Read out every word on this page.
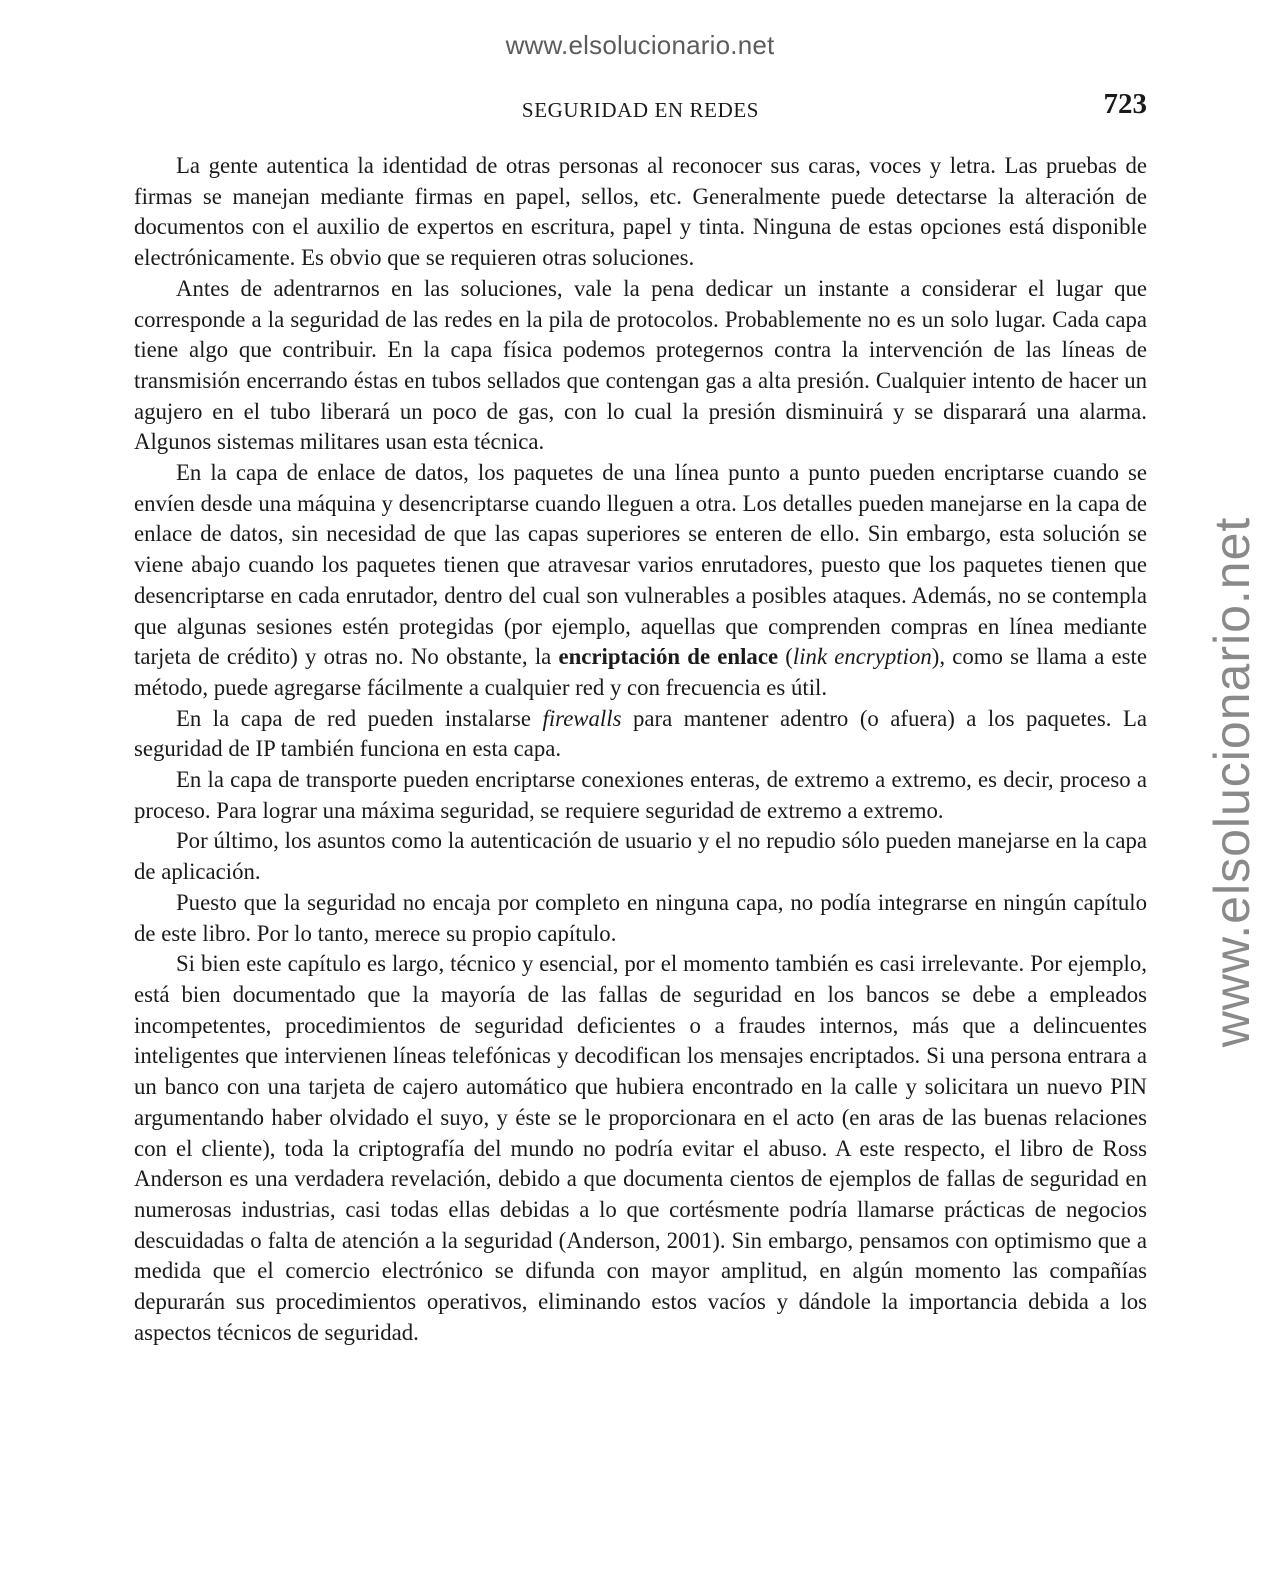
www.elsolucionario.net
www.elsolucionario.net
SEGURIDAD EN REDES	723

La gente autentica la identidad de otras personas al reconocer sus caras, voces y letra. Las pruebas de firmas se manejan mediante firmas en papel, sellos, etc. Generalmente puede detectarse la alteración de documentos con el auxilio de expertos en escritura, papel y tinta. Ninguna de estas opciones está disponible electrónicamente. Es obvio que se requieren otras soluciones.

Antes de adentrarnos en las soluciones, vale la pena dedicar un instante a considerar el lugar que corresponde a la seguridad de las redes en la pila de protocolos. Probablemente no es un solo lugar. Cada capa tiene algo que contribuir. En la capa física podemos protegernos contra la intervención de las líneas de transmisión encerrando éstas en tubos sellados que contengan gas a alta presión. Cualquier intento de hacer un agujero en el tubo liberará un poco de gas, con lo cual la presión disminuirá y se disparará una alarma. Algunos sistemas militares usan esta técnica.

En la capa de enlace de datos, los paquetes de una línea punto a punto pueden encriptarse cuando se envíen desde una máquina y desencriptarse cuando lleguen a otra. Los detalles pueden manejarse en la capa de enlace de datos, sin necesidad de que las capas superiores se enteren de ello. Sin embargo, esta solución se viene abajo cuando los paquetes tienen que atravesar varios enrutadores, puesto que los paquetes tienen que desencriptarse en cada enrutador, dentro del cual son vulnerables a posibles ataques. Además, no se contempla que algunas sesiones estén protegidas (por ejemplo, aquellas que comprenden compras en línea mediante tarjeta de crédito) y otras no. No obstante, la encriptación de enlace (link encryption), como se llama a este método, puede agregarse fácilmente a cualquier red y con frecuencia es útil.

En la capa de red pueden instalarse firewalls para mantener adentro (o afuera) a los paquetes. La seguridad de IP también funciona en esta capa.

En la capa de transporte pueden encriptarse conexiones enteras, de extremo a extremo, es decir, proceso a proceso. Para lograr una máxima seguridad, se requiere seguridad de extremo a extremo.

Por último, los asuntos como la autenticación de usuario y el no repudio sólo pueden manejarse en la capa de aplicación.

Puesto que la seguridad no encaja por completo en ninguna capa, no podía integrarse en ningún capítulo de este libro. Por lo tanto, merece su propio capítulo.

Si bien este capítulo es largo, técnico y esencial, por el momento también es casi irrelevante. Por ejemplo, está bien documentado que la mayoría de las fallas de seguridad en los bancos se debe a empleados incompetentes, procedimientos de seguridad deficientes o a fraudes internos, más que a delincuentes inteligentes que intervienen líneas telefónicas y decodifican los mensajes encriptados. Si una persona entrara a un banco con una tarjeta de cajero automático que hubiera encontrado en la calle y solicitara un nuevo PIN argumentando haber olvidado el suyo, y éste se le proporcionara en el acto (en aras de las buenas relaciones con el cliente), toda la criptografía del mundo no podría evitar el abuso. A este respecto, el libro de Ross Anderson es una verdadera revelación, debido a que documenta cientos de ejemplos de fallas de seguridad en numerosas industrias, casi todas ellas debidas a lo que cortésmente podría llamarse prácticas de negocios descuidadas o falta de atención a la seguridad (Anderson, 2001). Sin embargo, pensamos con optimismo que a medida que el comercio electrónico se difunda con mayor amplitud, en algún momento las compañías depurarán sus procedimientos operativos, eliminando estos vacíos y dándole la importancia debida a los aspectos técnicos de seguridad.
